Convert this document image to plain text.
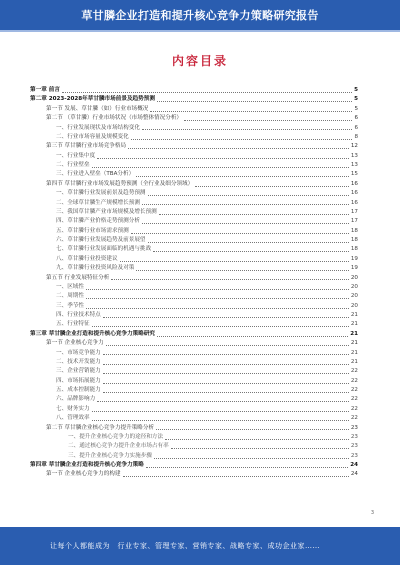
草甘膦企业打造和提升核心竞争力策略研究报告
内容目录
第一章 前言	5
第二章 2023-2028年草甘膦市场前景及趋势预测	5
第一节 发展、草甘膦（如）行业市场概况	5
第二节 （草甘膦）行业市场状况（市场整体情况分析）	6
一、行业发展现状及市场结构变化	6
二、行业市场容量及规模变化	8
第三节 草甘膦行业市场竞争格局	12
一、行业集中度	13
二、行业壁垒	13
三、行业进入壁垒（TBA分析）	15
第四节 草甘膦行业市场发展趋势预测（全行业及细分领域）	16
一、草甘膦行业发展前景及趋势预测	16
二、全球草甘膦生产规模增长预测	16
三、我国草甘膦产业市场规模及增长预测	17
四、草甘膦产业价格走势预测分析	17
五、草甘膦行业市场需求预测	18
六、草甘膦行业发展趋势及前景展望	18
七、草甘膦行业发展面临的机遇与挑战	18
八、草甘膦行业投资建议	19
九、草甘膦行业投资风险及对策	19
第五节 行业发展特征分析	20
一、区域性	20
二、周期性	20
三、季节性	20
四、行业技术特点	21
五、行业特征	21
第三章 草甘膦企业打造和提升核心竞争力策略研究	21
第一节 企业核心竞争力	21
一、市场竞争能力	21
二、技术开发能力	21
三、企业营销能力	22
四、市场拓展能力	22
五、成本控制能力	22
六、品牌影响力	22
七、财务实力	22
八、管理效率	22
第二节 草甘膦企业核心竞争力提升策略分析	23
一、提升企业核心竞争力的途径和方法	23
二、通过核心竞争力提升企业市场占有率	23
三、提升企业核心竞争力实施步骤	23
第四章 草甘膦企业打造和提升核心竞争力策略	24
第一节 企业核心竞争力的构建	24
3
让每个人都能成为　行业专家、管理专家、营销专家、战略专家、成功企业家……
